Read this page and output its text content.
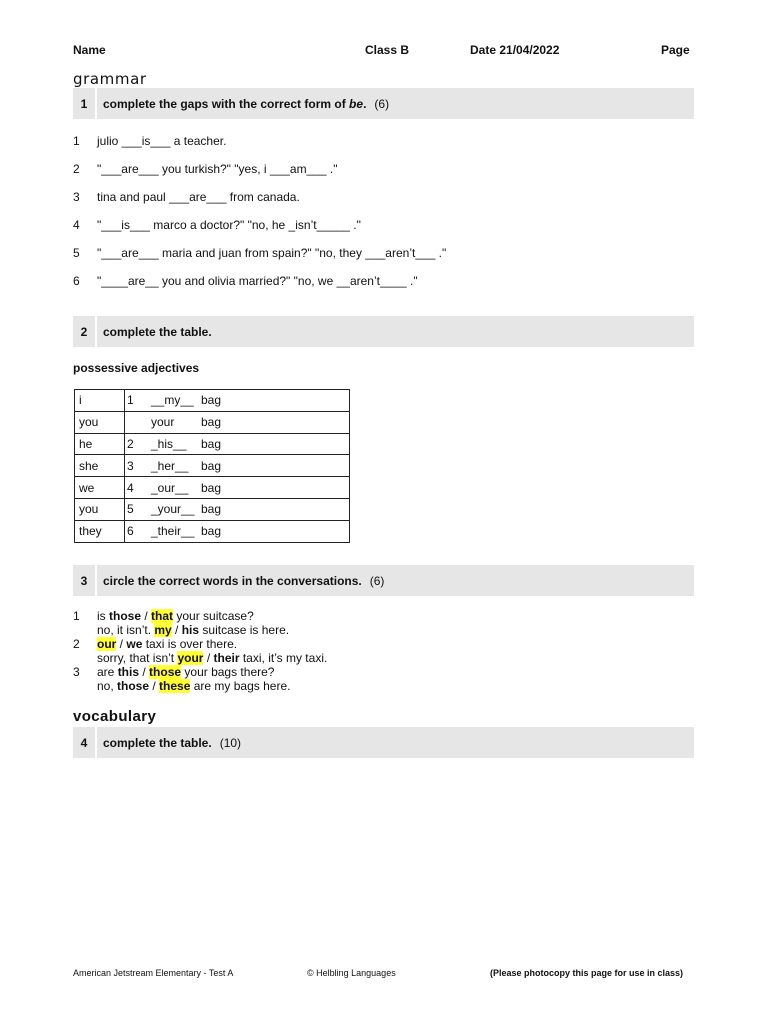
Name	Class B	Date 21/04/2022	Page
grammar
1	complete the gaps with the correct form of be. (6)
1	julio ___is___ a teacher.
2	"___are___ you turkish?" "yes, i ___am___ ."
3	tina and paul ___are___ from canada.
4	"___is___ marco a doctor?" "no, he _isn’t_____ ."
5	"___are___ maria and juan from spain?" "no, they ___aren’t___ ."
6	"____are__ you and olivia married?" "no, we __aren’t____ ."
2	complete the table.
possessive adjectives
i	1 __my__ bag
you	your bag
he	2 _his__ bag
she	3 _her__ bag
we	4 _our__ bag
you	5 _your__ bag
they	6 _their__ bag
3	circle the correct words in the conversations. (6)
1 is those / that your suitcase?
no, it isn’t. my / his suitcase is here.
2 our / we taxi is over there.
sorry, that isn’t your / their taxi, it’s my taxi.
3 are this / those your bags there?
no, those / these are my bags here.
vocabulary
4	complete the table. (10)
American Jetstream Elementary - Test A	© Helbling Languages	(Please photocopy this page for use in class)
